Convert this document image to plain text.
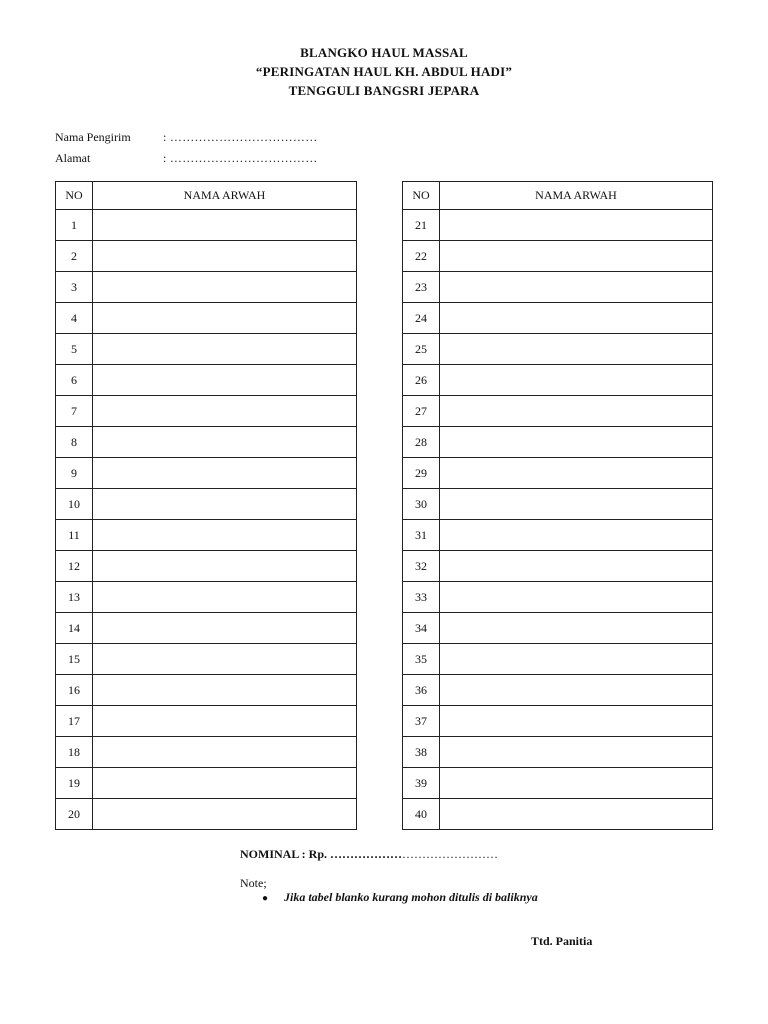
BLANGKO HAUL MASSAL
“PERINGATAN HAUL KH. ABDUL HADI”
TENGGULI BANGSRI JEPARA
Nama Pengirim	: ………………………………
Alamat	: ………………………………
NO	NAMA ARWAH
1	
2	
3	
4	
5	
6	
7	
8	
9	
10	
11	
12	
13	
14	
15	
16	
17	
18	
19	
20	
NO	NAMA ARWAH
21	
22	
23	
24	
25	
26	
27	
28	
29	
30	
31	
32	
33	
34	
35	
36	
37	
38	
39	
40	
NOMINAL : Rp. ……………………………………
Note;
● Jika tabel blanko kurang mohon ditulis di baliknya
Ttd. Panitia
